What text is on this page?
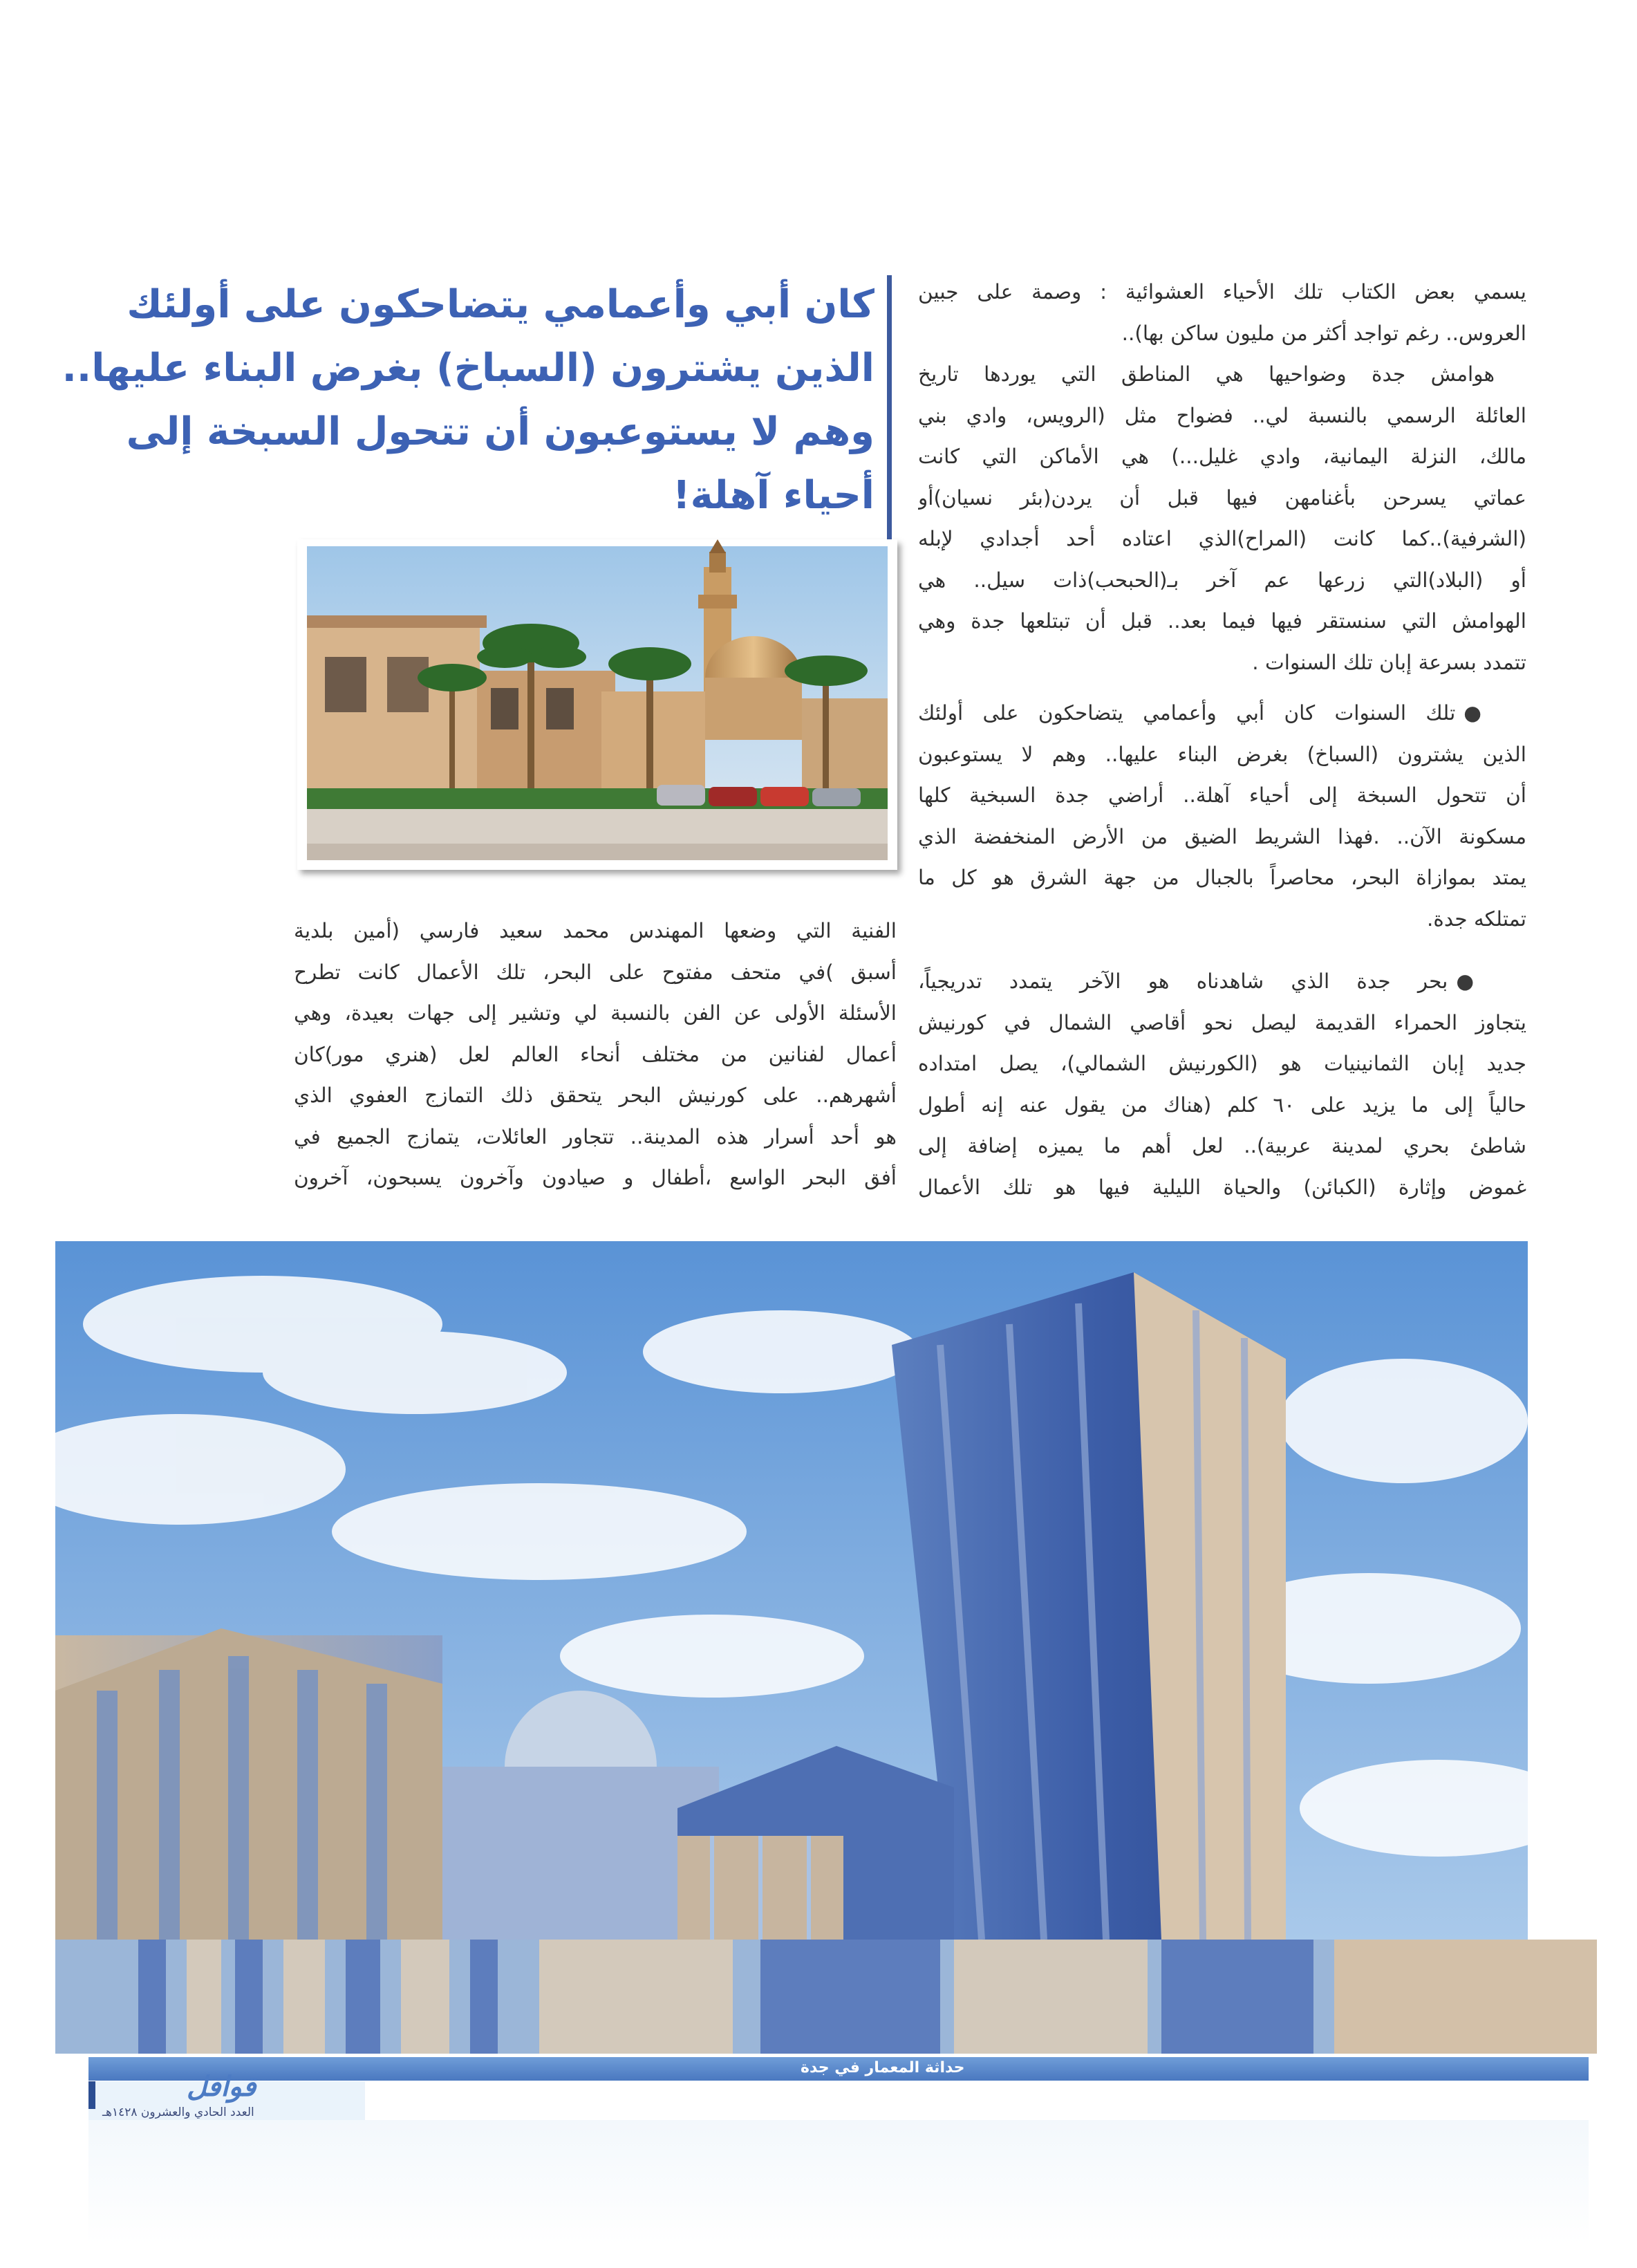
يسمي بعض الكتاب تلك الأحياء العشوائية : وصمة على جبين
العروس.. رغم تواجد أكثر من مليون ساكن بها)..
هوامش جدة وضواحيها هي المناطق التي يوردها تاريخ
العائلة الرسمي بالنسبة لي.. فضواح مثل (الرويس، وادي بني
مالك، النزلة اليمانية، وادي غليل...) هي الأماكن التي كانت
عماتي يسرحن بأغنامهن فيها قبل أن يردن(بئر نسيان)أو
(الشرفية)..كما كانت (المراح)الذي اعتاده أحد أجدادي لإبله
أو (البلاد)التي زرعها عم آخر بـ(الحبحب)ذات سيل.. هي
الهوامش التي سنستقر فيها فيما بعد.. قبل أن تبتلعها جدة وهي
تتمدد بسرعة إبان تلك السنوات .
●تلك السنوات كان أبي وأعمامي يتضاحكون على أولئك
الذين يشترون (السباخ) بغرض البناء عليها.. وهم لا يستوعبون
أن تتحول السبخة إلى أحياء آهلة.. أراضي جدة السبخية كلها
مسكونة الآن.. .فهذا الشريط الضيق من الأرض المنخفضة الذي
يمتد بموازاة البحر، محاصراً بالجبال من جهة الشرق هو كل ما
تمتلكه جدة.
●بحر جدة الذي شاهدناه هو الآخر يتمدد تدريجياً،
يتجاوز الحمراء القديمة ليصل نحو أقاصي الشمال في كورنيش
جديد إبان الثمانينيات هو (الكورنيش الشمالي)، يصل امتداده
حالياً إلى ما يزيد على ٦٠ كلم (هناك من يقول عنه إنه أطول
شاطئ بحري لمدينة عربية).. لعل أهم ما يميزه إضافة إلى
غموض وإثارة (الكبائن) والحياة الليلية فيها هو تلك الأعمال
كان أبي وأعمامي يتضاحكون على أولئك
الذين يشترون (السباخ) بغرض البناء عليها..
وهم لا يستوعبون أن تتحول السبخة إلى
أحياء آهلة!
الفنية التي وضعها المهندس محمد سعيد فارسي (أمين بلدية
أسبق )في متحف مفتوح على البحر، تلك الأعمال كانت تطرح
الأسئلة الأولى عن الفن بالنسبة لي وتشير إلى جهات بعيدة، وهي
أعمال لفنانين من مختلف أنحاء العالم لعل (هنري مور)كان
أشهرهم.. على كورنيش البحر يتحقق ذلك التمازج العفوي الذي
هو أحد أسرار هذه المدينة.. تتجاور العائلات، يتمازج الجميع في
أفق البحر الواسع ،أطفال و صيادون وآخرون يسبحون، آخرون
حداثة المعمار في جدة
قوافل
العدد الحادي والعشرون ١٤٢٨هـ
